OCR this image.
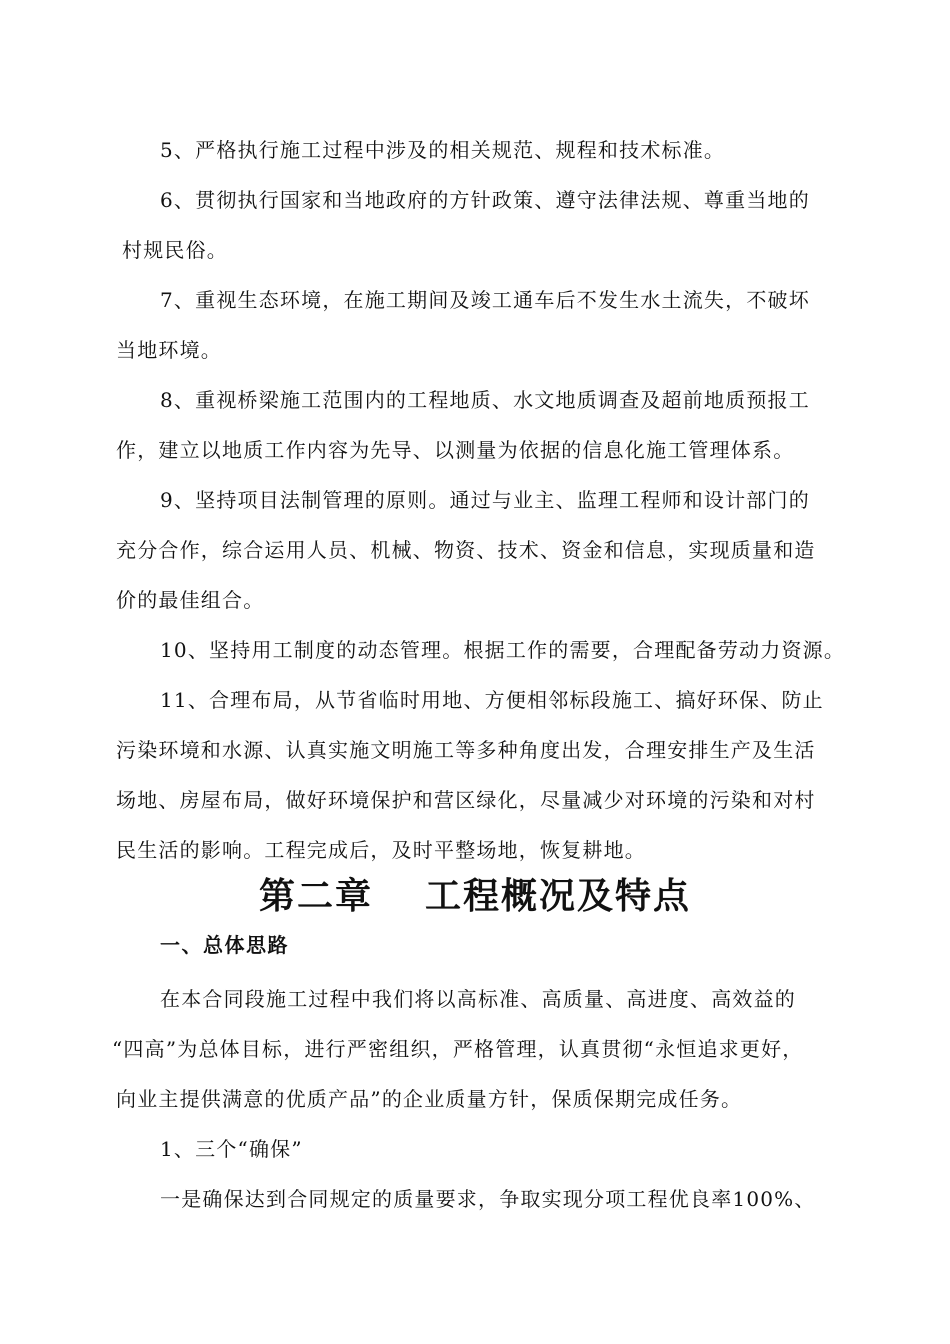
5、严格执行施工过程中涉及的相关规范、规程和技术标准。
6、贯彻执行国家和当地政府的方针政策、遵守法律法规、尊重当地的
村规民俗。
7、重视生态环境，在施工期间及竣工通车后不发生水土流失，不破坏
当地环境。
8、重视桥梁施工范围内的工程地质、水文地质调查及超前地质预报工
作，建立以地质工作内容为先导、以测量为依据的信息化施工管理体系。
9、坚持项目法制管理的原则。通过与业主、监理工程师和设计部门的
充分合作，综合运用人员、机械、物资、技术、资金和信息，实现质量和造
价的最佳组合。
10、坚持用工制度的动态管理。根据工作的需要，合理配备劳动力资源。
11、合理布局，从节省临时用地、方便相邻标段施工、搞好环保、防止
污染环境和水源、认真实施文明施工等多种角度出发，合理安排生产及生活
场地、房屋布局，做好环境保护和营区绿化，尽量减少对环境的污染和对村
民生活的影响。工程完成后，及时平整场地，恢复耕地。
第二章 工程概况及特点
一、总体思路
在本合同段施工过程中我们将以高标准、高质量、高进度、高效益的
“四高”为总体目标，进行严密组织，严格管理，认真贯彻“永恒追求更好，
向业主提供满意的优质产品”的企业质量方针，保质保期完成任务。
1、三个“确保”
一是确保达到合同规定的质量要求，争取实现分项工程优良率100%、
